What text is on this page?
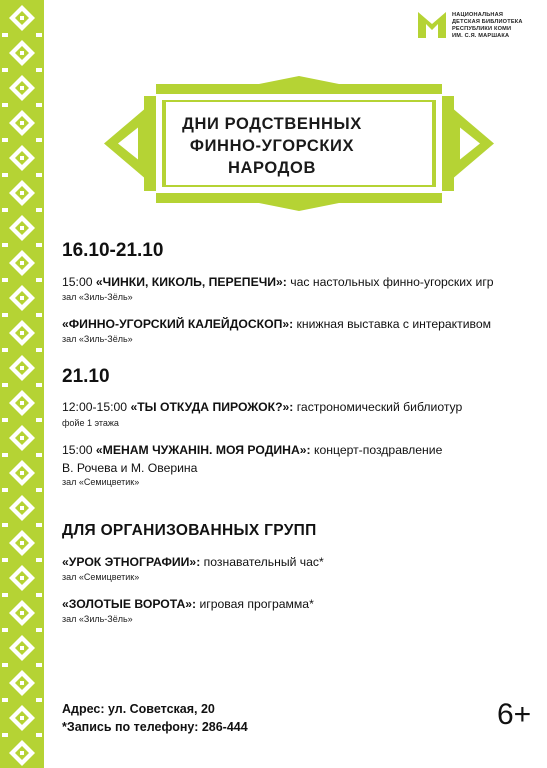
НАЦИОНАЛЬНАЯ
ДЕТСКАЯ БИБЛИОТЕКА
РЕСПУБЛИКИ КОМИ
ИМ. С.Я. МАРШАКА
ДНИ РОДСТВЕННЫХ
ФИННО-УГОРСКИХ
НАРОДОВ
16.10-21.10
15:00 «ЧИНКИ, КИКОЛЬ, ПЕРЕПЕЧИ»: час настольных финно-угорских игр
зал «Зиль-Зёль»
«ФИННО-УГОРСКИЙ КАЛЕЙДОСКОП»: книжная выставка с интерактивом
зал «Зиль-Зёль»
21.10
12:00-15:00 «ТЫ ОТКУДА ПИРОЖОК?»: гастрономический библиотур
фойе 1 этажа
15:00 «МЕНАМ ЧУЖАНІН. МОЯ РОДИНА»: концерт-поздравление
В. Рочева и М. Оверина
зал «Семицветик»
ДЛЯ ОРГАНИЗОВАННЫХ ГРУПП
«УРОК ЭТНОГРАФИИ»: познавательный час*
зал «Семицветик»
«ЗОЛОТЫЕ ВОРОТА»: игровая программа*
зал «Зиль-Зёль»
Адрес: ул. Советская, 20
*Запись по телефону: 286-444	6+
